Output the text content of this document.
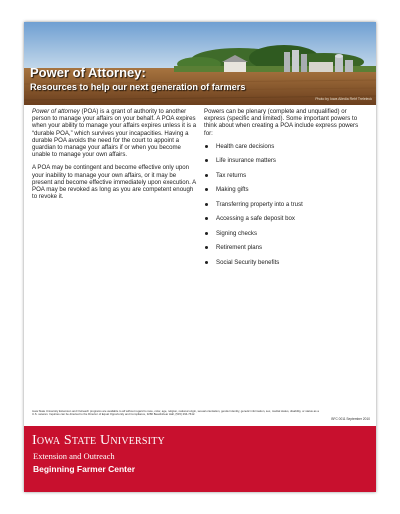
Power of Attorney:
Resources to help our next generation of farmers
Photo by Iowa Aliedia Rehf Treleleck

Power of attorney (POA) is a grant of authority to another person to manage your affairs on your behalf. A POA expires when your ability to manage your affairs expires unless it is a “durable POA,” which survives your incapacities. Having a durable POA avoids the need for the court to appoint a guardian to manage your affairs if or when you become unable to manage your own affairs.

A POA may be contingent and become effective only upon your inability to manage your own affairs, or it may be present and become effective immediately upon execution. A POA may be revoked as long as you are competent enough to revoke it.

Powers can be plenary (complete and unqualified) or express (specific and limited). Some important powers to think about when creating a POA include express powers for:

Health care decisions
Life insurance matters
Tax returns
Making gifts
Transferring property into a trust
Accessing a safe deposit box
Signing checks
Retirement plans
Social Security benefits
Iowa State University Extension and Outreach programs are available to all without regard to race, color, age, religion, national origin, sexual orientation, gender identity, genetic information, sex, marital status, disability, or status as a U.S. veteran. Inquiries can be directed to the Director of Equal Opportunity and Compliance, 3280 Beardshear Hall, (515) 294-7612.
BFC 0011 September 2010
Iowa State University
Extension and Outreach
Beginning Farmer Center
